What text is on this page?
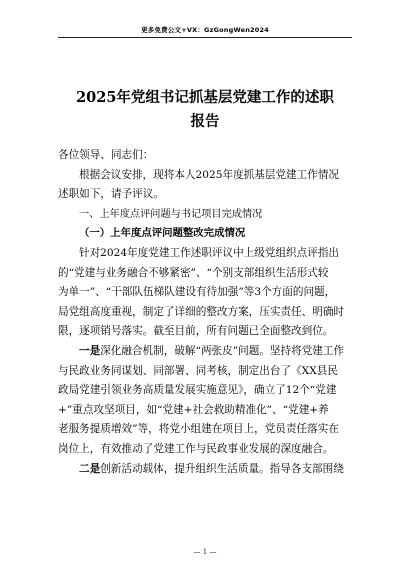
更多免费公文+VX：GzGongWen2024
2025年党组书记抓基层党建工作的述职
报告

各位领导、同志们：

根据会议安排，现将本人2025年度抓基层党建工作情况

述职如下，请予评议。

一、上年度点评问题与书记项目完成情况

（一）上年度点评问题整改完成情况

针对2024年度党建工作述职评议中上级党组织点评指出

的“党建与业务融合不够紧密”、“个别支部组织生活形式较

为单一”、“干部队伍梯队建设有待加强”等3个方面的问题，

局党组高度重视，制定了详细的整改方案，压实责任、明确时

限，逐项销号落实。截至目前，所有问题已全面整改到位。

一是深化融合机制，破解“两张皮”问题。坚持将党建工作

与民政业务同谋划、同部署、同考核，制定出台了《XX县民

政局党建引领业务高质量发展实施意见》，确立了12个“党建

+”重点攻坚项目，如“党建+社会救助精准化”、“党建+养

老服务提质增效”等，将党小组建在项目上，党员责任落实在

岗位上，有效推动了党建工作与民政事业发展的深度融合。

二是创新活动载体，提升组织生活质量。指导各支部围绕

— 1 —
